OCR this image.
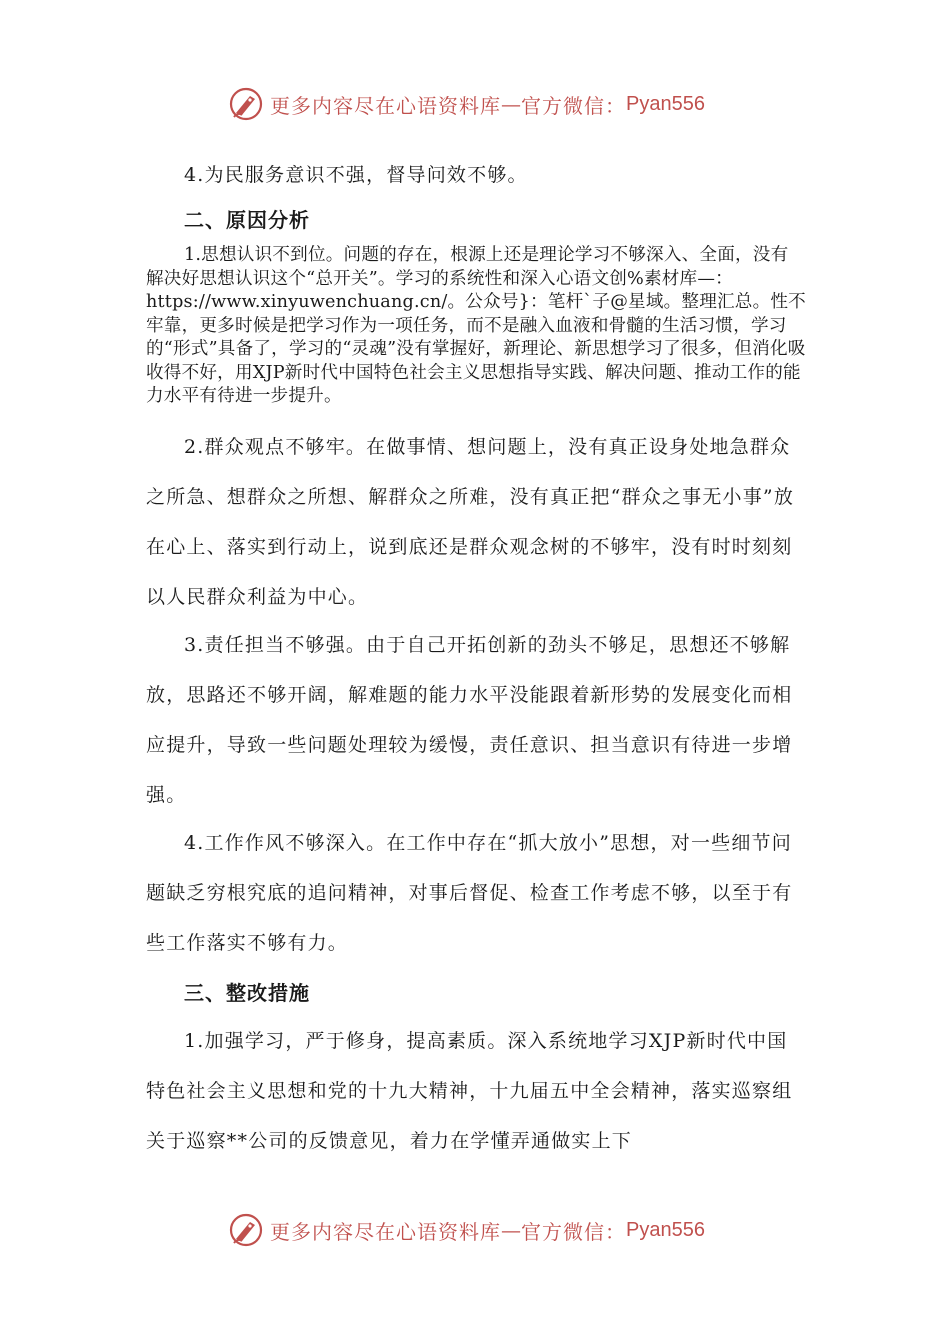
更多内容尽在心语资料库 — 官方微信： Pyan556

4.为民服务意识不强，督导问效不够。

二、原因分析

1.思想认识不到位。问题的存在，根源上还是理论学习不够深入、全面，没有解决好思想认识这个“总开关”。学习的系统性和深入心语文创%素材库—：https://www.xinyuwenchuang.cn/。公众号}：笔杆`子@星域。整理汇总。性不牢靠，更多时候是把学习作为一项任务，而不是融入血液和骨髓的生活习惯，学习的“形式”具备了，学习的“灵魂”没有掌握好，新理论、新思想学习了很多，但消化吸收得不好，用XJP新时代中国特色社会主义思想指导实践、解决问题、推动工作的能力水平有待进一步提升。

2.群众观点不够牢。在做事情、想问题上，没有真正设身处地急群众之所急、想群众之所想、解群众之所难，没有真正把“群众之事无小事”放在心上、落实到行动上，说到底还是群众观念树的不够牢，没有时时刻刻以人民群众利益为中心。

3.责任担当不够强。由于自己开拓创新的劲头不够足，思想还不够解放，思路还不够开阔，解难题的能力水平没能跟着新形势的发展变化而相应提升，导致一些问题处理较为缓慢，责任意识、担当意识有待进一步增强。

4.工作作风不够深入。在工作中存在“抓大放小”思想，对一些细节问题缺乏穷根究底的追问精神，对事后督促、检查工作考虑不够，以至于有些工作落实不够有力。

三、整改措施

1.加强学习，严于修身，提高素质。深入系统地学习XJP新时代中国特色社会主义思想和党的十九大精神，十九届五中全会精神，落实巡察组关于巡察**公司的反馈意见，着力在学懂弄通做实上下

更多内容尽在心语资料库 — 官方微信： Pyan556
